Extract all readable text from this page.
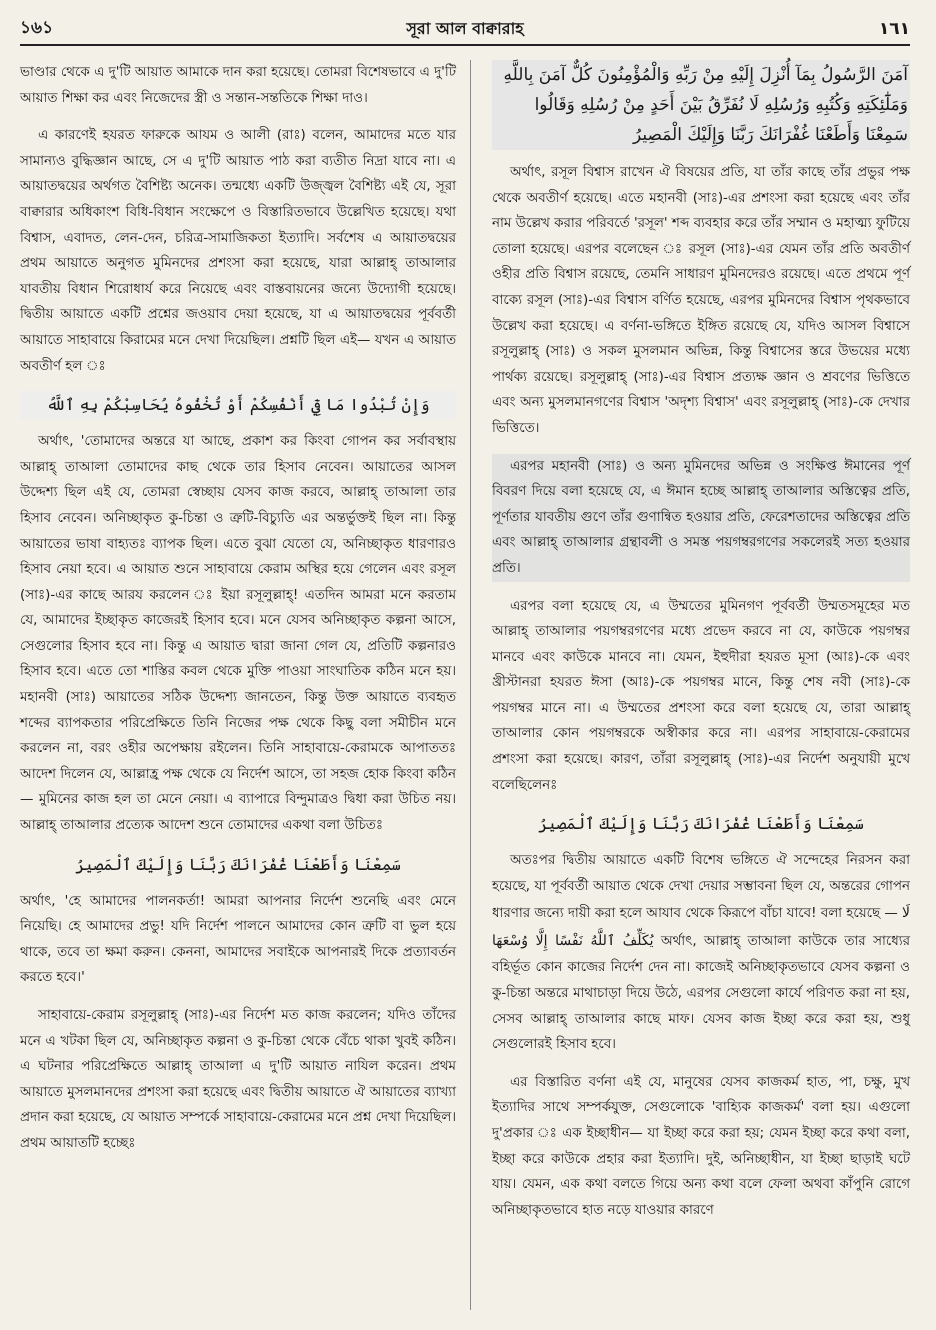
১৬১	সূরা আল বাক্বারাহ	١٦١

ভাণ্ডার থেকে এ দু'টি আয়াত আমাকে দান করা হয়েছে। তোমরা বিশেষভাবে এ দু'টি আয়াত শিক্ষা কর এবং নিজেদের স্ত্রী ও সন্তান-সন্ততিকে শিক্ষা দাও।

এ কারণেই হযরত ফারুকে আযম ও আলী (রাঃ) বলেন, আমাদের মতে যার সামান্যও বুদ্ধিজ্ঞান আছে, সে এ দু'টি আয়াত পাঠ করা ব্যতীত নিদ্রা যাবে না। এ আয়াতদ্বয়ের অর্থগত বৈশিষ্ট্য অনেক। তন্মধ্যে একটি উজ্জ্বল বৈশিষ্ট্য এই যে, সূরা বাক্বারার অধিকাংশ বিধি-বিধান সংক্ষেপে ও বিস্তারিতভাবে উল্লেখিত হয়েছে। যথা বিশ্বাস, এবাদত, লেন-দেন, চরিত্র-সামাজিকতা ইত্যাদি। সর্বশেষ এ আয়াতদ্বয়ের প্রথম আয়াতে অনুগত মুমিনদের প্রশংসা করা হয়েছে, যারা আল্লাহ্ তাআলার যাবতীয় বিধান শিরোধার্য করে নিয়েছে এবং বাস্তবায়নের জন্যে উদ্যোগী হয়েছে। দ্বিতীয় আয়াতে একটি প্রশ্নের জওয়াব দেয়া হয়েছে, যা এ আয়াতদ্বয়ের পূর্ববর্তী আয়াতে সাহাবায়ে কিরামের মনে দেখা দিয়েছিল। প্রশ্নটি ছিল এই— যখন এ আয়াত অবতীর্ণ হল ঃ

وَإِنْ تُبْدُوا مَا فِيٓ أَنْفُسِكُمْ أَوْ تُخْفُوهُ يُحَاسِبْكُمْ بِهِ ٱللَّهُ

অর্থাৎ, 'তোমাদের অন্তরে যা আছে, প্রকাশ কর কিংবা গোপন কর সর্বাবস্থায় আল্লাহ্ তাআলা তোমাদের কাছ থেকে তার হিসাব নেবেন। আয়াতের আসল উদ্দেশ্য ছিল এই যে, তোমরা স্বেচ্ছায় যেসব কাজ করবে, আল্লাহ্ তাআলা তার হিসাব নেবেন। অনিচ্ছাকৃত কু-চিন্তা ও ত্রুটি-বিচ্যুতি এর অন্তর্ভুক্তই ছিল না। কিন্তু আয়াতের ভাষা বাহ্যতঃ ব্যাপক ছিল। এতে বুঝা যেতো যে, অনিচ্ছাকৃত ধারণারও হিসাব নেয়া হবে। এ আয়াত শুনে সাহাবায়ে কেরাম অস্থির হয়ে গেলেন এবং রসূল (সাঃ)-এর কাছে আরয করলেন ঃ ইয়া রসূলুল্লাহ্! এতদিন আমরা মনে করতাম যে, আমাদের ইচ্ছাকৃত কাজেরই হিসাব হবে। মনে যেসব অনিচ্ছাকৃত কল্পনা আসে, সেগুলোর হিসাব হবে না। কিন্তু এ আয়াত দ্বারা জানা গেল যে, প্রতিটি কল্পনারও হিসাব হবে। এতে তো শাস্তির কবল থেকে মুক্তি পাওয়া সাংঘাতিক কঠিন মনে হয়। মহানবী (সাঃ) আয়াতের সঠিক উদ্দেশ্য জানতেন, কিন্তু উক্ত আয়াতে ব্যবহৃত শব্দের ব্যাপকতার পরিপ্রেক্ষিতে তিনি নিজের পক্ষ থেকে কিছু বলা সমীচীন মনে করলেন না, বরং ওহীর অপেক্ষায় রইলেন। তিনি সাহাবায়ে-কেরামকে আপাততঃ আদেশ দিলেন যে, আল্লাহ্র পক্ষ থেকে যে নির্দেশ আসে, তা সহজ হোক কিংবা কঠিন— মুমিনের কাজ হল তা মেনে নেয়া। এ ব্যাপারে বিন্দুমাত্রও দ্বিধা করা উচিত নয়। আল্লাহ্ তাআলার প্রত্যেক আদেশ শুনে তোমাদের একথা বলা উচিতঃ

سَمِعْنَا وَأَطَعْنَا غُفْرَانَكَ رَبَّنَا وَإِلَيْكَ ٱلْمَصِيرُ

অর্থাৎ, 'হে আমাদের পালনকর্তা! আমরা আপনার নির্দেশ শুনেছি এবং মেনে নিয়েছি। হে আমাদের প্রভু! যদি নির্দেশ পালনে আমাদের কোন ত্রুটি বা ভুল হয়ে থাকে, তবে তা ক্ষমা করুন। কেননা, আমাদের সবাইকে আপনারই দিকে প্রত্যাবর্তন করতে হবে।'

সাহাবায়ে-কেরাম রসূলুল্লাহ্ (সাঃ)-এর নির্দেশ মত কাজ করলেন; যদিও তাঁদের মনে এ খটকা ছিল যে, অনিচ্ছাকৃত কল্পনা ও কু-চিন্তা থেকে বেঁচে থাকা খুবই কঠিন। এ ঘটনার পরিপ্রেক্ষিতে আল্লাহ্ তাআলা এ দু'টি আয়াত নাযিল করেন। প্রথম আয়াতে মুসলমানদের প্রশংসা করা হয়েছে এবং দ্বিতীয় আয়াতে ঐ আয়াতের ব্যাখ্যা প্রদান করা হয়েছে, যে আয়াত সম্পর্কে সাহাবায়ে-কেরামের মনে প্রশ্ন দেখা দিয়েছিল। প্রথম আয়াতটি হচ্ছেঃ

آمَنَ الرَّسُولُ بِمَآ أُنْزِلَ إِلَيْهِ مِنْ رَبِّهِ وَالْمُؤْمِنُونَ كُلٌّ آمَنَ بِاللَّهِ وَمَلَٰٓئِكَتِهِ وَكُتُبِهِ وَرُسُلِهِ لَا نُفَرِّقُ بَيْنَ أَحَدٍ مِنْ رُسُلِهِ وَقَالُوا سَمِعْنَا وَأَطَعْنَا غُفْرَانَكَ رَبَّنَا وَإِلَيْكَ الْمَصِيرُ

অর্থাৎ, রসূল বিশ্বাস রাখেন ঐ বিষয়ের প্রতি, যা তাঁর কাছে তাঁর প্রভুর পক্ষ থেকে অবতীর্ণ হয়েছে। এতে মহানবী (সাঃ)-এর প্রশংসা করা হয়েছে এবং তাঁর নাম উল্লেখ করার পরিবর্তে 'রসূল' শব্দ ব্যবহার করে তাঁর সম্মান ও মহাত্ম্য ফুটিয়ে তোলা হয়েছে। এরপর বলেছেন ঃ রসূল (সাঃ)-এর যেমন তাঁর প্রতি অবতীর্ণ ওহীর প্রতি বিশ্বাস রয়েছে, তেমনি সাধারণ মুমিনদেরও রয়েছে। এতে প্রথমে পূর্ণ বাক্যে রসূল (সাঃ)-এর বিশ্বাস বর্ণিত হয়েছে, এরপর মুমিনদের বিশ্বাস পৃথকভাবে উল্লেখ করা হয়েছে। এ বর্ণনা-ভঙ্গিতে ইঙ্গিত রয়েছে যে, যদিও আসল বিশ্বাসে রসূলুল্লাহ্ (সাঃ) ও সকল মুসলমান অভিন্ন, কিন্তু বিশ্বাসের স্তরে উভয়ের মধ্যে পার্থক্য রয়েছে। রসূলুল্লাহ্ (সাঃ)-এর বিশ্বাস প্রত্যক্ষ জ্ঞান ও শ্রবণের ভিত্তিতে এবং অন্য মুসলমানগণের বিশ্বাস 'অদৃশ্য বিশ্বাস' এবং রসূলুল্লাহ্ (সাঃ)-কে দেখার ভিত্তিতে।

এরপর মহানবী (সাঃ) ও অন্য মুমিনদের অভিন্ন ও সংক্ষিপ্ত ঈমানের পূর্ণ বিবরণ দিয়ে বলা হয়েছে যে, এ ঈমান হচ্ছে আল্লাহ্ তাআলার অস্তিত্বের প্রতি, পূর্ণতার যাবতীয় গুণে তাঁর গুণান্বিত হওয়ার প্রতি, ফেরেশতাদের অস্তিত্বের প্রতি এবং আল্লাহ্ তাআলার গ্রন্থাবলী ও সমস্ত পয়গম্বরগণের সকলেরই সত্য হওয়ার প্রতি।

এরপর বলা হয়েছে যে, এ উম্মতের মুমিনগণ পূর্ববর্তী উম্মতসমূহের মত আল্লাহ্ তাআলার পয়গম্বরগণের মধ্যে প্রভেদ করবে না যে, কাউকে পয়গম্বর মানবে এবং কাউকে মানবে না। যেমন, ইহুদীরা হযরত মূসা (আঃ)-কে এবং খ্রীস্টানরা হযরত ঈসা (আঃ)-কে পয়গম্বর মানে, কিন্তু শেষ নবী (সাঃ)-কে পয়গম্বর মানে না। এ উম্মতের প্রশংসা করে বলা হয়েছে যে, তারা আল্লাহ্ তাআলার কোন পয়গম্বরকে অস্বীকার করে না। এরপর সাহাবায়ে-কেরামের প্রশংসা করা হয়েছে। কারণ, তাঁরা রসূলুল্লাহ্ (সাঃ)-এর নির্দেশ অনুযায়ী মুখে বলেছিলেনঃ

سَمِعْنَا وَأَطَعْنَا غُفْرَانَكَ رَبَّنَا وَإِلَيْكَ ٱلْمَصِيرُ

অতঃপর দ্বিতীয় আয়াতে একটি বিশেষ ভঙ্গিতে ঐ সন্দেহের নিরসন করা হয়েছে, যা পূর্ববর্তী আয়াত থেকে দেখা দেয়ার সম্ভাবনা ছিল যে, অন্তরের গোপন ধারণার জন্যে দায়ী করা হলে আযাব থেকে কিরূপে বাঁচা যাবে! বলা হয়েছে — لَا يُكَلِّفُ ٱللَّهُ نَفْسًا إِلَّا وُسْعَهَا অর্থাৎ, আল্লাহ্ তাআলা কাউকে তার সাধ্যের বহির্ভূত কোন কাজের নির্দেশ দেন না। কাজেই অনিচ্ছাকৃতভাবে যেসব কল্পনা ও কু-চিন্তা অন্তরে মাথাচাড়া দিয়ে উঠে, এরপর সেগুলো কার্যে পরিণত করা না হয়, সেসব আল্লাহ্ তাআলার কাছে মাফ। যেসব কাজ ইচ্ছা করে করা হয়, শুধু সেগুলোরই হিসাব হবে।

এর বিস্তারিত বর্ণনা এই যে, মানুষের যেসব কাজকর্ম হাত, পা, চক্ষু, মুখ ইত্যাদির সাথে সম্পর্কযুক্ত, সেগুলোকে 'বাহ্যিক কাজকর্ম' বলা হয়। এগুলো দু'প্রকার ঃ এক ইচ্ছাধীন— যা ইচ্ছা করে করা হয়; যেমন ইচ্ছা করে কথা বলা, ইচ্ছা করে কাউকে প্রহার করা ইত্যাদি। দুই, অনিচ্ছাধীন, যা ইচ্ছা ছাড়াই ঘটে যায়। যেমন, এক কথা বলতে গিয়ে অন্য কথা বলে ফেলা অথবা কাঁপুনি রোগে অনিচ্ছাকৃতভাবে হাত নড়ে যাওয়ার কারণে
